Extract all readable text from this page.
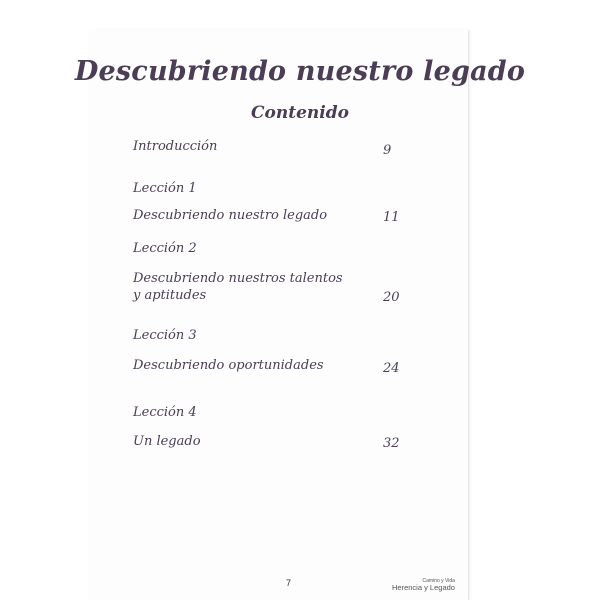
Descubriendo nuestro legado
Contenido
Introducción	9
Lección 1
Descubriendo nuestro legado	11
Lección 2
Descubriendo nuestros talentos
y aptitudes	20
Lección 3
Descubriendo oportunidades	24
Lección 4
Un legado	32
7	Camino y Vida
Herencia y Legado
